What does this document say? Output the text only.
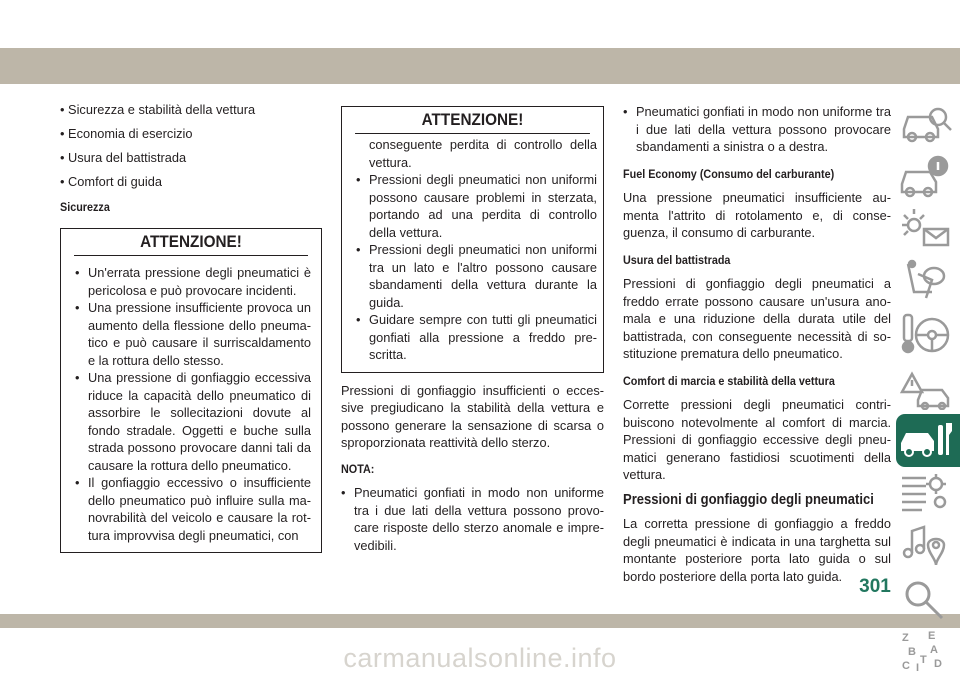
• Sicurezza e stabilità della vettura

• Economia di esercizio

• Usura del battistrada

• Comfort di guida

Sicurezza
ATTENZIONE!
• Un'errata pressione degli pneumatici è pericolosa e può provocare incidenti.
• Una pressione insufficiente provoca un aumento della flessione dello pneumatico e può causare il surriscaldamento e la rottura dello stesso.
• Una pressione di gonfiaggio eccessiva riduce la capacità dello pneumatico di assorbire le sollecitazioni dovute al fondo stradale. Oggetti e buche sulla strada possono provocare danni tali da causare la rottura dello pneumatico.
• Il gonfiaggio eccessivo o insufficiente dello pneumatico può influire sulla manovrabilità del veicolo e causare la rottura improvvisa degli pneumatici, con
ATTENZIONE!

conseguente perdita di controllo della vettura.

• Pressioni degli pneumatici non uniformi possono causare problemi in sterzata, portando ad una perdita di controllo della vettura.
• Pressioni degli pneumatici non uniformi tra un lato e l'altro possono causare sbandamenti della vettura durante la guida.
• Guidare sempre con tutti gli pneumatici gonfiati alla pressione a freddo prescritta.

Pressioni di gonfiaggio insufficienti o eccessive pregiudicano la stabilità della vettura e possono generare la sensazione di scarsa o sproporzionata reattività dello sterzo.

NOTA:

• Pneumatici gonfiati in modo non uniforme tra i due lati della vettura possono provocare risposte dello sterzo anomale e imprevedibili.

• Pneumatici gonfiati in modo non uniforme tra i due lati della vettura possono provocare sbandamenti a sinistra o a destra.

Fuel Economy (Consumo del carburante)

Una pressione pneumatici insufficiente aumenta l'attrito di rotolamento e, di conseguenza, il consumo di carburante.

Usura del battistrada

Pressioni di gonfiaggio degli pneumatici a freddo errate possono causare un'usura anomala e una riduzione della durata utile del battistrada, con conseguente necessità di sostituzione prematura dello pneumatico.

Comfort di marcia e stabilità della vettura

Corrette pressioni degli pneumatici contribuiscono notevolmente al comfort di marcia. Pressioni di gonfiaggio eccessive degli pneumatici generano fastidiosi scuotimenti della vettura.

Pressioni di gonfiaggio degli pneumatici

La corretta pressione di gonfiaggio a freddo degli pneumatici è indicata in una targhetta sul montante posteriore porta lato guida o sul bordo posteriore della porta lato guida.

Z E
B A
C D
I
T
301
carmanualsonline.info
